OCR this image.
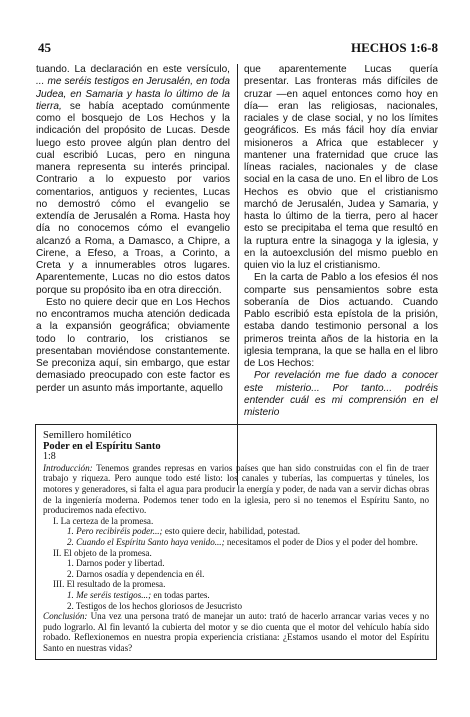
45	HECHOS 1:6-8

tuando. La declaración en este versículo, ... me seréis testigos en Jerusalén, en toda Judea, en Samaria y hasta lo último de la tierra, se había aceptado comúnmente como el bosquejo de Los Hechos y la indicación del propósito de Lucas. Desde luego esto provee algún plan dentro del cual escribió Lucas, pero en ninguna manera representa su interés principal. Contrario a lo expuesto por varios comentarios, antiguos y recientes, Lucas no demostró cómo el evangelio se extendía de Jerusalén a Roma. Hasta hoy día no conocemos cómo el evangelio alcanzó a Roma, a Damasco, a Chipre, a Cirene, a Efeso, a Troas, a Corinto, a Creta y a innumerables otros lugares. Aparentemente, Lucas no dio estos datos porque su propósito iba en otra dirección.

Esto no quiere decir que en Los Hechos no encontramos mucha atención dedicada a la expansión geográfica; obviamente todo lo contrario, los cristianos se presentaban moviéndose constantemente. Se preconiza aquí, sin embargo, que estar demasiado preocupado con este factor es perder un asunto más importante, aquello

que aparentemente Lucas quería presentar. Las fronteras más difíciles de cruzar —en aquel entonces como hoy en día— eran las religiosas, nacionales, raciales y de clase social, y no los límites geográficos. Es más fácil hoy día enviar misioneros a Africa que establecer y mantener una fraternidad que cruce las líneas raciales, nacionales y de clase social en la casa de uno. En el libro de Los Hechos es obvio que el cristianismo marchó de Jerusalén, Judea y Samaria, y hasta lo último de la tierra, pero al hacer esto se precipitaba el tema que resultó en la ruptura entre la sinagoga y la iglesia, y en la autoexclusión del mismo pueblo en quien vio la luz el cristianismo.

En la carta de Pablo a los efesios él nos comparte sus pensamientos sobre esta soberanía de Dios actuando. Cuando Pablo escribió esta epístola de la prisión, estaba dando testimonio personal a los primeros treinta años de la historia en la iglesia temprana, la que se halla en el libro de Los Hechos:

Por revelación me fue dado a conocer este misterio... Por tanto... podréis entender cuál es mi comprensión en el misterio

Semillero homilético

Poder en el Espíritu Santo

1:8

Introducción: Tenemos grandes represas en varios países que han sido construidas con el fin de traer trabajo y riqueza. Pero aunque todo esté listo: los canales y tuberías, las compuertas y túneles, los motores y generadores, si falta el agua para producir la energía y poder, de nada van a servir dichas obras de la ingeniería moderna. Podemos tener todo en la iglesia, pero si no tenemos el Espíritu Santo, no produciremos nada efectivo.

I. La certeza de la promesa.

1. Pero recibiréis poder...; esto quiere decir, habilidad, potestad.

2. Cuando el Espíritu Santo haya venido...; necesitamos el poder de Dios y el poder del hombre.

II. El objeto de la promesa.

1. Darnos poder y libertad.

2. Darnos osadía y dependencia en él.

III. El resultado de la promesa.

1. Me seréis testigos...; en todas partes.

2. Testigos de los hechos gloriosos de Jesucristo

Conclusión: Una vez una persona trató de manejar un auto: trató de hacerlo arrancar varias veces y no pudo lograrlo. Al fin levantó la cubierta del motor y se dio cuenta que el motor del vehículo había sido robado. Reflexionemos en nuestra propia experiencia cristiana: ¿Estamos usando el motor del Espíritu Santo en nuestras vidas?
